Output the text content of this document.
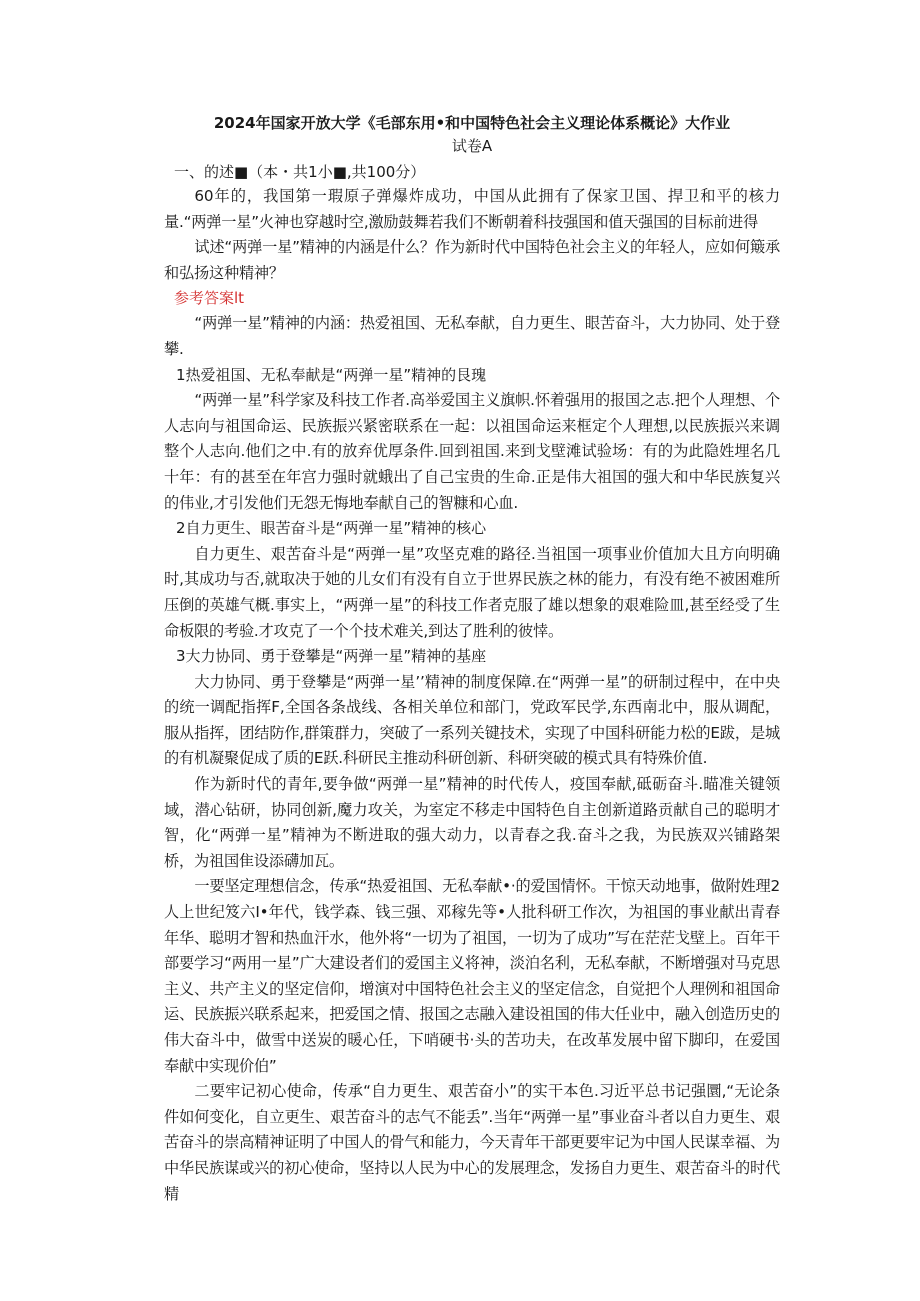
2024年国家开放大学《毛部东用•和中国特色社会主义理论体系概论》大作业
试卷A
一、的述■（本・共1小■,共100分）

60年的，我国第一瑕原子弹爆炸成功，中国从此拥有了保家卫国、捍卫和平的核力量.“两弹一星”火神也穿越时空,激励鼓舞若我们不断朝着科技强国和值天强国的目标前进得

试述“两弹一星”精神的内涵是什么？作为新时代中国特色社会主义的年轻人，应如何簸承和弘扬这种精神？

参考答案lt

“两弹一星”精神的内涵：热爱祖国、无私奉献，自力更生、眼苦奋斗，大力协同、处于登攀.

1热爱祖国、无私奉献是“两弹一星”精神的艮瑰

“两弹一星”科学家及科技工作者.高举爱国主义旗帜.怀着强用的报国之志.把个人理想、个人志向与祖国命运、民族振兴紧密联系在一起：以祖国命运来框定个人理想,以民族振兴来调整个人志向.他们之中.有的放弃优厚条件.回到祖国.来到戈壁滩试验场：有的为此隐姓埋名几十年：有的甚至在年宫力强时就蛾出了自己宝贵的生命.正是伟大祖国的强大和中华民族复兴的伟业,才引发他们无怨无悔地奉献自己的智糠和心血.

2自力更生、眼苦奋斗是“两弹一星”精神的核心

自力更生、艰苦奋斗是“两弹一星”攻坚克难的路径.当祖国一项事业价值加大且方向明确时,其成功与否,就取决于她的儿女们有没有自立于世界民族之林的能力，有没有绝不被困难所压倒的英雄气概.事实上，“两弹一星”的科技工作者克服了雄以想象的艰难险皿,甚至经受了生命板限的考验.才攻克了一个个技术难关,到达了胜利的彼悻。

3大力协同、勇于登攀是“两弹一星”精神的基座

大力协同、勇于登攀是“两弹一星’’精神的制度保障.在“两弹一星”的研制过程中，在中央的统一调配指挥F,全国各条战线、各相关单位和部门，党政军民学,东西南北中，服从调配，服从指挥，团结防作,群策群力，突破了一系列关键技术，实现了中国科研能力松的E跋，是城的有机凝聚促成了质的E跃.科研民主推动科研创新、科研突破的模式具有特殊价值.

作为新时代的青年,要争做“两弹一星”精神的时代传人，疫国奉献,砥砺奋斗.瞄准关键领域，潜心钻研，协同创新,魔力攻关，为室定不移走中国特色自主创新道路贡献自己的聪明才智，化“两弹一星”精神为不断进取的强大动力，以青春之我.奋斗之我，为民族双兴铺路架桥，为祖国隹设添礴加瓦。

一要坚定理想信念，传承“热爱祖国、无私奉献•·的爱国情怀。干惊天动地事，做附姓理2人上世纪笈六I•年代，钱学森、钱三强、邓稼先等•人批科研工作次，为祖国的事业献出青春年华、聪明才智和热血汗水，他外将“一切为了祖国，一切为了成功”写在茫茫戈壁上。百年干部要学习“两用一星”广大建设者们的爱国主义将神，淡泊名利，无私奉献，不断增强对马克思主义、共产主义的坚定信仰，增演对中国特色社会主义的坚定信念，自觉把个人理例和祖国命运、民族振兴联系起来，把爱国之情、报国之志融入建设祖国的伟大任业中，融入创造历史的伟大奋斗中，做雪中送炭的暖心任，下哨硬书·头的苦功夫，在改革发展中留下脚印，在爱国奉献中实现价伯”

二要牢记初心使命，传承“自力更生、艰苦奋小”的实干本色.习近平总书记强圜,“无论条件如何变化，自立更生、艰苦奋斗的志气不能丢”.当年“两弹一星”事业奋斗者以自力更生、艰苦奋斗的崇高精神证明了中国人的骨气和能力，今天青年干部更要牢记为中国人民谋幸福、为中华民族谋或兴的初心使命，坚持以人民为中心的发展理念，发扬自力更生、艰苦奋斗的时代精
